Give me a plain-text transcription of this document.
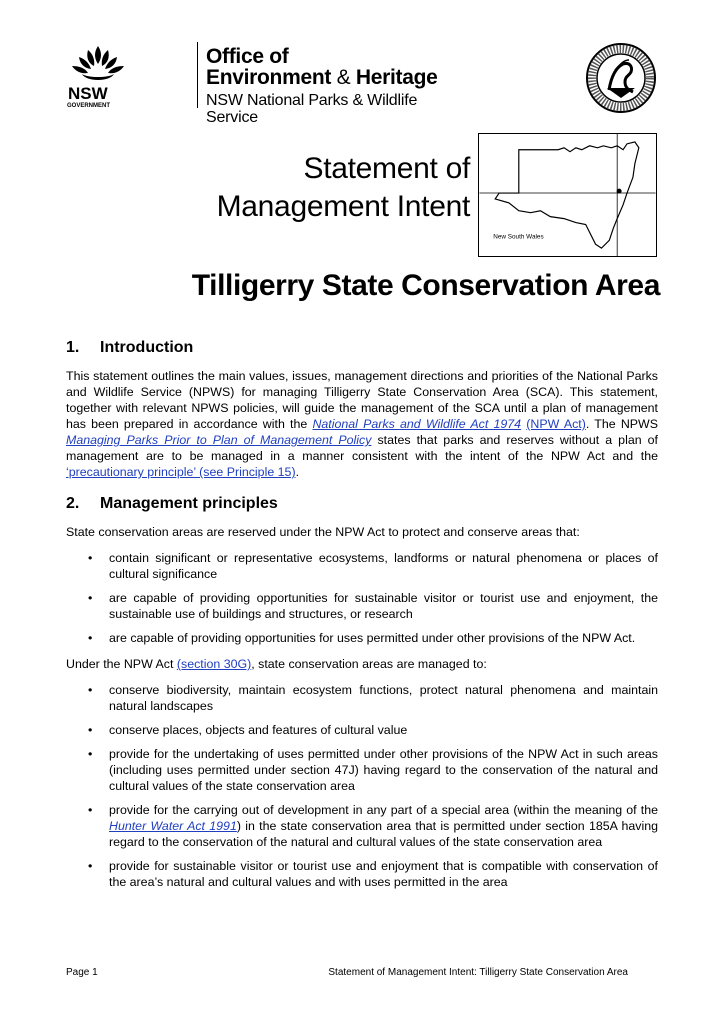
NSW
GOVERNMENT
Office of
Environment & Heritage
NSW National Parks & Wildlife Service
Statement of
Management Intent
New South Wales
Tilligerry State Conservation Area
1. Introduction

This statement outlines the main values, issues, management directions and priorities of the National Parks and Wildlife Service (NPWS) for managing Tilligerry State Conservation Area (SCA). This statement, together with relevant NPWS policies, will guide the management of the SCA until a plan of management has been prepared in accordance with the National Parks and Wildlife Act 1974 (NPW Act). The NPWS Managing Parks Prior to Plan of Management Policy states that parks and reserves without a plan of management are to be managed in a manner consistent with the intent of the NPW Act and the ‘precautionary principle’ (see Principle 15).

2. Management principles

State conservation areas are reserved under the NPW Act to protect and conserve areas that:

• contain significant or representative ecosystems, landforms or natural phenomena or places of cultural significance
• are capable of providing opportunities for sustainable visitor or tourist use and enjoyment, the sustainable use of buildings and structures, or research
• are capable of providing opportunities for uses permitted under other provisions of the NPW Act.

Under the NPW Act (section 30G), state conservation areas are managed to:

• conserve biodiversity, maintain ecosystem functions, protect natural phenomena and maintain natural landscapes
• conserve places, objects and features of cultural value
• provide for the undertaking of uses permitted under other provisions of the NPW Act in such areas (including uses permitted under section 47J) having regard to the conservation of the natural and cultural values of the state conservation area
• provide for the carrying out of development in any part of a special area (within the meaning of the Hunter Water Act 1991) in the state conservation area that is permitted under section 185A having regard to the conservation of the natural and cultural values of the state conservation area
• provide for sustainable visitor or tourist use and enjoyment that is compatible with conservation of the area’s natural and cultural values and with uses permitted in the area
Page 1	Statement of Management Intent: Tilligerry State Conservation Area
